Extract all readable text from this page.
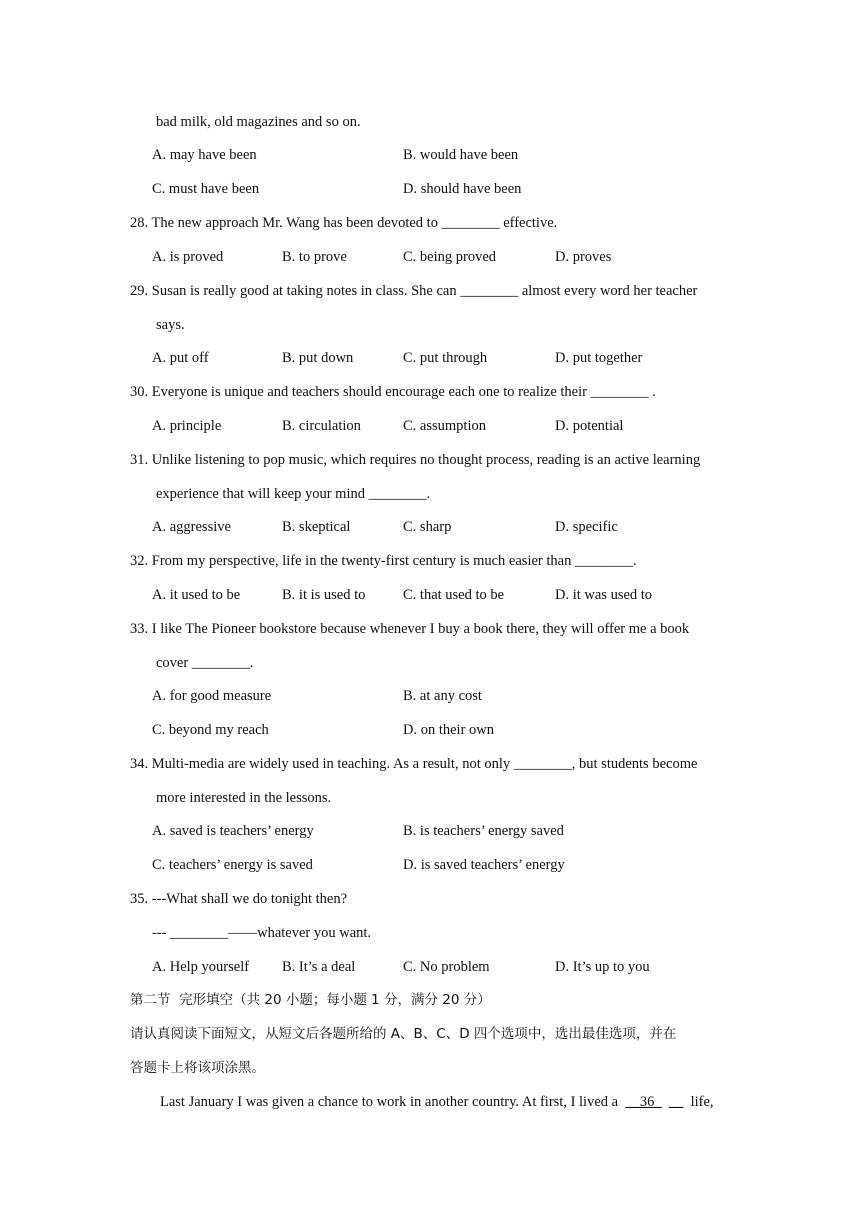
bad milk, old magazines and so on.
A. may have been	B. would have been
C. must have been	D. should have been
28. The new approach Mr. Wang has been devoted to ________ effective.
A. is proved	B. to prove	C. being proved	D. proves
29. Susan is really good at taking notes in class. She can ________ almost every word her teacher
says.
A. put off	B. put down	C. put through	D. put together
30. Everyone is unique and teachers should encourage each one to realize their ________ .
A. principle	B. circulation	C. assumption	D. potential
31. Unlike listening to pop music, which requires no thought process, reading is an active learning
experience that will keep your mind ________.
A. aggressive	B. skeptical	C. sharp	D. specific
32. From my perspective, life in the twenty-first century is much easier than ________.
A. it used to be	B. it is used to	C. that used to be	D. it was used to
33. I like The Pioneer bookstore because whenever I buy a book there, they will offer me a book
cover ________.
A. for good measure	B. at any cost
C. beyond my reach	D. on their own
34. Multi-media are widely used in teaching. As a result, not only ________, but students become
more interested in the lessons.
A. saved is teachers’ energy	B. is teachers’ energy saved
C. teachers’ energy is saved	D. is saved teachers’ energy
35. ---What shall we do tonight then?
--- ________——whatever you want.
A. Help yourself B. It’s a deal	C. No problem	D. It’s up to you
第二节  完形填空（共 20 小题；每小题 1 分，满分 20 分）
请认真阅读下面短文，从短文后各题所给的 A、B、C、D 四个选项中，选出最佳选项，并在
答题卡上将该项涂黑。
Last January I was given a chance to work in another country. At first, I lived a __36_ __ life,
